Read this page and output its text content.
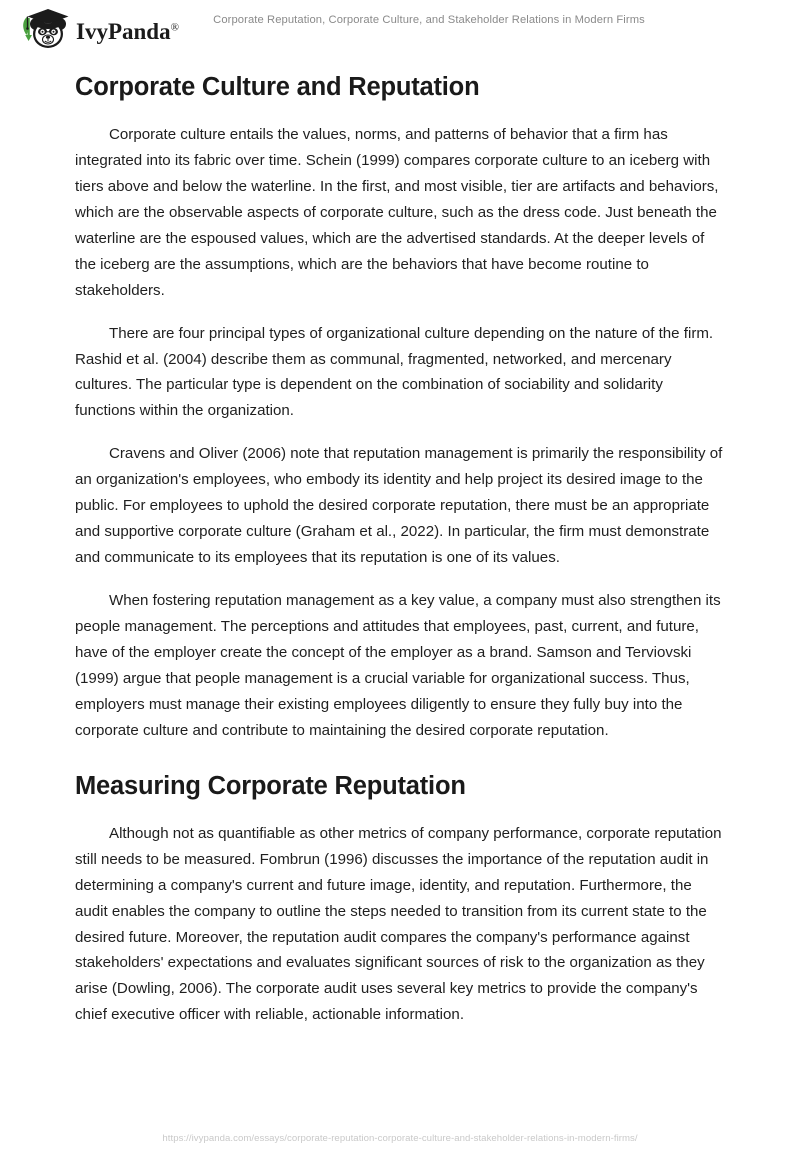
IvyPanda®
Corporate Reputation, Corporate Culture, and Stakeholder Relations in Modern Firms
Corporate Culture and Reputation

Corporate culture entails the values, norms, and patterns of behavior that a firm has integrated into its fabric over time. Schein (1999) compares corporate culture to an iceberg with tiers above and below the waterline. In the first, and most visible, tier are artifacts and behaviors, which are the observable aspects of corporate culture, such as the dress code. Just beneath the waterline are the espoused values, which are the advertised standards. At the deeper levels of the iceberg are the assumptions, which are the behaviors that have become routine to stakeholders.

There are four principal types of organizational culture depending on the nature of the firm. Rashid et al. (2004) describe them as communal, fragmented, networked, and mercenary cultures. The particular type is dependent on the combination of sociability and solidarity functions within the organization.

Cravens and Oliver (2006) note that reputation management is primarily the responsibility of an organization's employees, who embody its identity and help project its desired image to the public. For employees to uphold the desired corporate reputation, there must be an appropriate and supportive corporate culture (Graham et al., 2022). In particular, the firm must demonstrate and communicate to its employees that its reputation is one of its values.

When fostering reputation management as a key value, a company must also strengthen its people management. The perceptions and attitudes that employees, past, current, and future, have of the employer create the concept of the employer as a brand. Samson and Terviovski (1999) argue that people management is a crucial variable for organizational success. Thus, employers must manage their existing employees diligently to ensure they fully buy into the corporate culture and contribute to maintaining the desired corporate reputation.

Measuring Corporate Reputation

Although not as quantifiable as other metrics of company performance, corporate reputation still needs to be measured. Fombrun (1996) discusses the importance of the reputation audit in determining a company's current and future image, identity, and reputation. Furthermore, the audit enables the company to outline the steps needed to transition from its current state to the desired future. Moreover, the reputation audit compares the company's performance against stakeholders' expectations and evaluates significant sources of risk to the organization as they arise (Dowling, 2006). The corporate audit uses several key metrics to provide the company's chief executive officer with reliable, actionable information.

https://ivypanda.com/essays/corporate-reputation-corporate-culture-and-stakeholder-relations-in-modern-firms/
